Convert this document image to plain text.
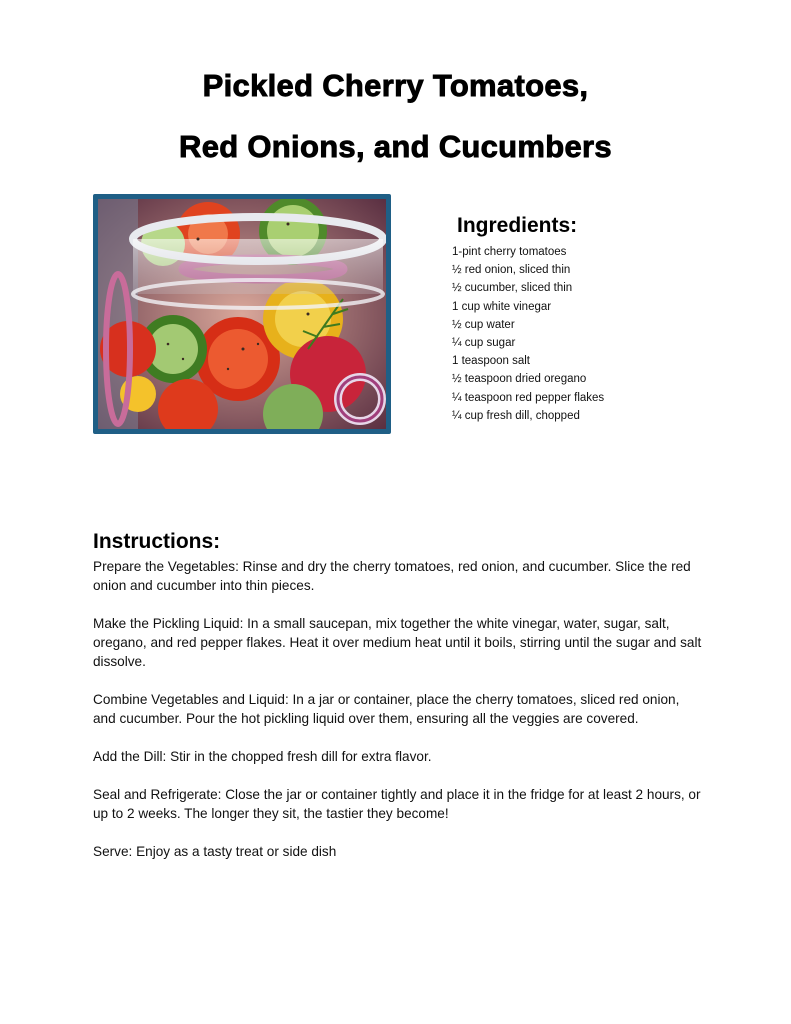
Pickled Cherry Tomatoes,
Red Onions, and Cucumbers
Ingredients:
1-pint cherry tomatoes
½ red onion, sliced thin
½ cucumber, sliced thin
1 cup white vinegar
½ cup water
¼ cup sugar
1 teaspoon salt
½ teaspoon dried oregano
¼ teaspoon red pepper flakes
¼ cup fresh dill, chopped
Instructions:
Prepare the Vegetables: Rinse and dry the cherry tomatoes, red onion, and cucumber. Slice the red onion and cucumber into thin pieces.
Make the Pickling Liquid: In a small saucepan, mix together the white vinegar, water, sugar, salt, oregano, and red pepper flakes. Heat it over medium heat until it boils, stirring until the sugar and salt dissolve.
Combine Vegetables and Liquid: In a jar or container, place the cherry tomatoes, sliced red onion, and cucumber. Pour the hot pickling liquid over them, ensuring all the veggies are covered.
Add the Dill: Stir in the chopped fresh dill for extra flavor.
Seal and Refrigerate: Close the jar or container tightly and place it in the fridge for at least 2 hours, or up to 2 weeks. The longer they sit, the tastier they become!
Serve: Enjoy as a tasty treat or side dish
